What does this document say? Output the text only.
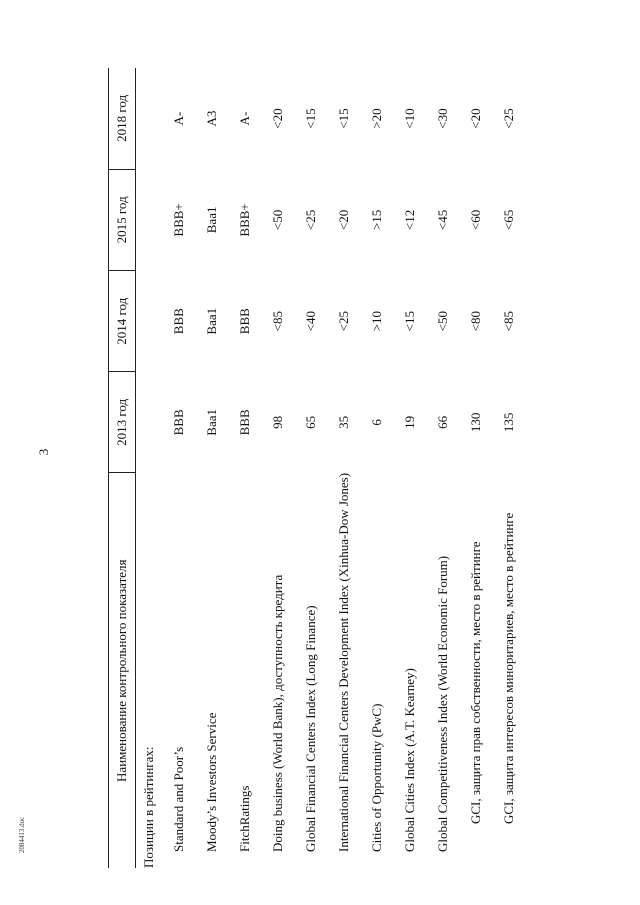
3
Наименование контрольного показателя	2013 год	2014 год	2015 год	2018 год
Позиции в рейтингах:				
Standard and Poor’s	BBB	BBB	BBB+	A-
Moody’s Investors Service	Baa1	Baa1	Baa1	A3
FitchRatings	BBB	BBB	BBB+	A-
Doing business (World Bank), доступность кредита	98	<85	<50	<20
Global Financial Centers Index (Long Finance)	65	<40	<25	<15
International Financial Centers Development Index (Xinhua-Dow Jones)	35	<25	<20	<15
Cities of Opportunity (PwC)	6	>10	>15	>20
Global Cities Index (A.T. Kearney)	19	<15	<12	<10
Global Competitiveness Index (World Economic Forum)	66	<50	<45	<30
GCI, защита прав собственности, место в рейтинге	130	<80	<60	<20
GCI, защита интересов миноритариев, место в рейтинге	135	<85	<65	<25
2084413.doc
